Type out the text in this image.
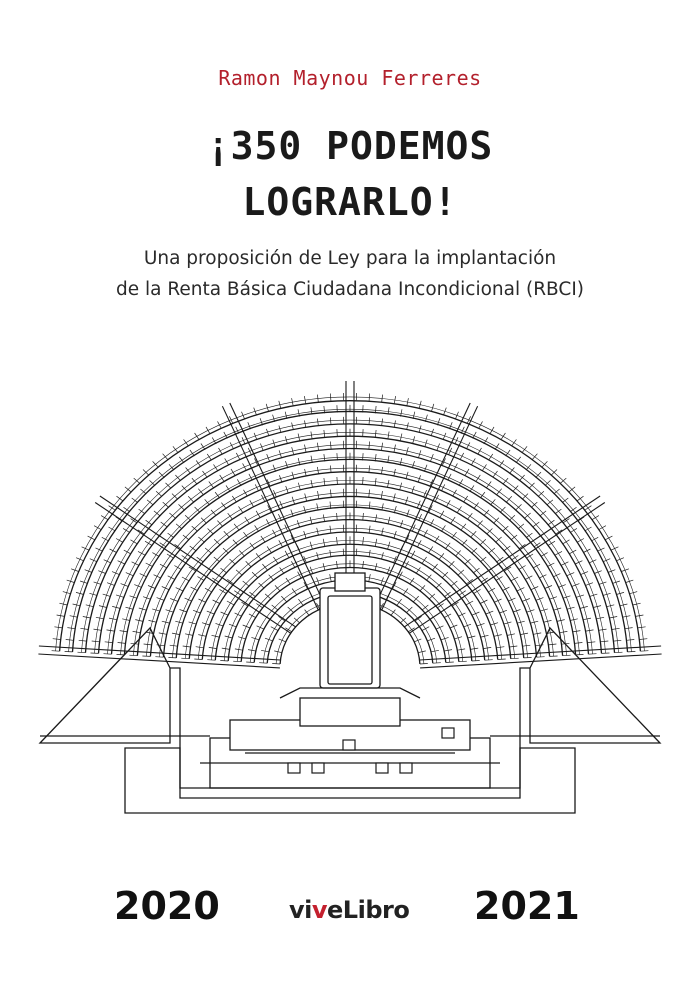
Ramon Maynou Ferreres
¡350 PODEMOS
LOGRARLO!
Una proposición de Ley para la implantación
de la Renta Básica Ciudadana Incondicional (RBCI)
2020	viveLibro 2021
